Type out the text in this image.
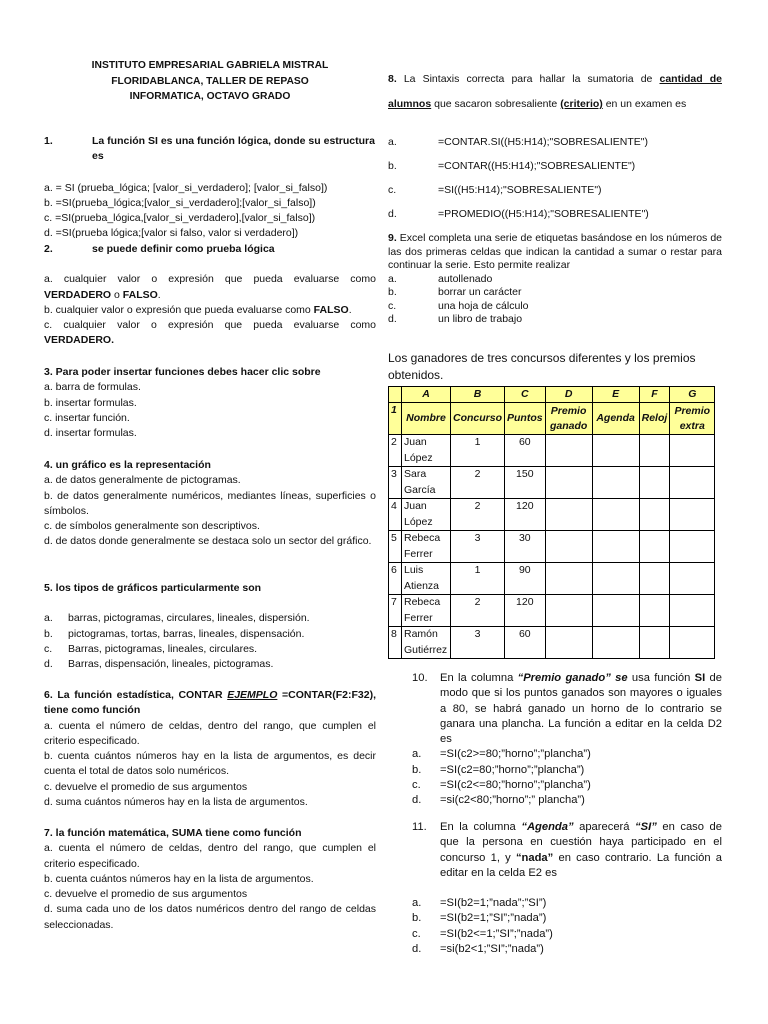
INSTITUTO EMPRESARIAL GABRIELA MISTRAL
FLORIDABLANCA, TALLER DE REPASO
INFORMATICA, OCTAVO GRADO
1.	La función SI es una función lógica, donde su estructura es
a. = SI (prueba_lógica; [valor_si_verdadero]; [valor_si_falso])
b. =SI(prueba_lógica;[valor_si_verdadero];[valor_si_falso])
c. =SI(prueba_lógica,[valor_si_verdadero],[valor_si_falso])
d. =SI(prueba lógica;[valor si falso, valor si verdadero])
2.	se puede definir como prueba lógica
a. cualquier valor o expresión que pueda evaluarse como
VERDADERO o FALSO.
b. cualquier valor o expresión que pueda evaluarse como FALSO.
c. cualquier valor o expresión que pueda evaluarse como
VERDADERO.
3. Para poder insertar funciones debes hacer clic sobre
a. barra de formulas.
b. insertar formulas.
c. insertar función.
d. insertar formulas.
4. un gráfico es la representación
a. de datos generalmente de pictogramas.
b. de datos generalmente numéricos, mediantes líneas, superficies o símbolos.
c. de símbolos generalmente son descriptivos.
d. de datos donde generalmente se destaca solo un sector del gráfico.
5. los tipos de gráficos particularmente son
a.	barras, pictogramas, circulares, lineales, dispersión.
b.	pictogramas, tortas, barras, lineales, dispensación.
c.	Barras, pictogramas, lineales, circulares.
d.	Barras, dispensación, lineales, pictogramas.
6. La función estadística, CONTAR EJEMPLO =CONTAR(F2:F32), tiene como función
a. cuenta el número de celdas, dentro del rango, que cumplen el criterio especificado.
b. cuenta cuántos números hay en la lista de argumentos, es decir cuenta el total de datos solo numéricos.
c. devuelve el promedio de sus argumentos
d. suma cuántos números hay en la lista de argumentos.
7. la función matemática, SUMA tiene como función
a. cuenta el número de celdas, dentro del rango, que cumplen el criterio especificado.
b. cuenta cuántos números hay en la lista de argumentos.
c. devuelve el promedio de sus argumentos
d. suma cada uno de los datos numéricos dentro del rango de celdas seleccionadas.
8. La Sintaxis correcta para hallar la sumatoria de cantidad de alumnos que sacaron sobresaliente (criterio) en un examen es
a.	=CONTAR.SI((H5:H14);"SOBRESALIENTE")
b.	=CONTAR((H5:H14);"SOBRESALIENTE")
c.	=SI((H5:H14);"SOBRESALIENTE")
d.	=PROMEDIO((H5:H14);"SOBRESALIENTE")
9. Excel completa una serie de etiquetas basándose en los números de las dos primeras celdas que indican la cantidad a sumar o restar para continuar la serie. Esto permite realizar
a.	autollenado
b.	borrar un carácter
c.	una hoja de cálculo
d.	un libro de trabajo
Los ganadores de tres concursos diferentes y los premios obtenidos.
	A	B	C	D	E	F	G
1	Nombre	Concurso	Puntos	Premio ganado	Agenda	Reloj	Premio extra
2	Juan López	1	60				
3	Sara García	2	150				
4	Juan López	2	120				
5	Rebeca Ferrer	3	30				
6	Luis Atienza	1	90				
7	Rebeca Ferrer	2	120				
8	Ramón Gutiérrez	3	60				
10.	En la columna “Premio ganado” se usa función SI de modo que si los puntos ganados son mayores o iguales a 80, se habrá ganado un horno de lo contrario se ganara una plancha. La función a editar en la celda D2 es
a.	=SI(c2>=80;”horno”;”plancha”)
b.	=SI(c2=80;”horno”;”plancha”)
c.	=SI(c2<=80;”horno”;”plancha”)
d.	=si(c2<80;”horno”;” plancha”)
11.	En la columna “Agenda” aparecerá “SI” en caso de que la persona en cuestión haya participado en el concurso 1, y “nada” en caso contrario. La función a editar en la celda E2 es
a.	=SI(b2=1;”nada”;”SI”)
b.	=SI(b2=1;”SI”;”nada”)
c.	=SI(b2<=1;”SI”;”nada”)
d.	=si(b2<1;”SI”;”nada”)
